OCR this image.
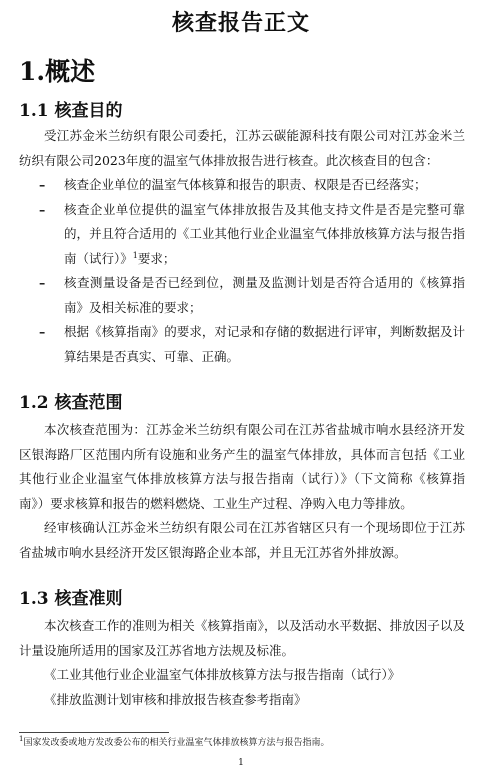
核查报告正文
1.概述
1.1 核查目的
受江苏金米兰纺织有限公司委托，江苏云碳能源科技有限公司对江苏金米兰纺织有限公司2023年度的温室气体排放报告进行核查。此次核查目的包含：
– 核查企业单位的温室气体核算和报告的职责、权限是否已经落实；
– 核查企业单位提供的温室气体排放报告及其他支持文件是否是完整可靠的，并且符合适用的《工业其他行业企业温室气体排放核算方法与报告指南（试行）》$^1$要求；
– 核查测量设备是否已经到位，测量及监测计划是否符合适用的《核算指南》及相关标准的要求；
– 根据《核算指南》的要求，对记录和存储的数据进行评审，判断数据及计算结果是否真实、可靠、正确。
1.2 核查范围
本次核查范围为：江苏金米兰纺织有限公司在江苏省盐城市响水县经济开发区银海路厂区范围内所有设施和业务产生的温室气体排放，具体而言包括《工业其他行业企业温室气体排放核算方法与报告指南（试行）》（下文简称《核算指南》）要求核算和报告的燃料燃烧、工业生产过程、净购入电力等排放。
经审核确认江苏金米兰纺织有限公司在江苏省辖区只有一个现场即位于江苏省盐城市响水县经济开发区银海路企业本部，并且无江苏省外排放源。
1.3 核查准则
本次核查工作的准则为相关《核算指南》，以及活动水平数据、排放因子以及计量设施所适用的国家及江苏省地方法规及标准。
《工业其他行业企业温室气体排放核算方法与报告指南（试行）》
《排放监测计划审核和排放报告核查参考指南》
$^1$国家发改委或地方发改委公布的相关行业温室气体排放核算方法与报告指南。
1
